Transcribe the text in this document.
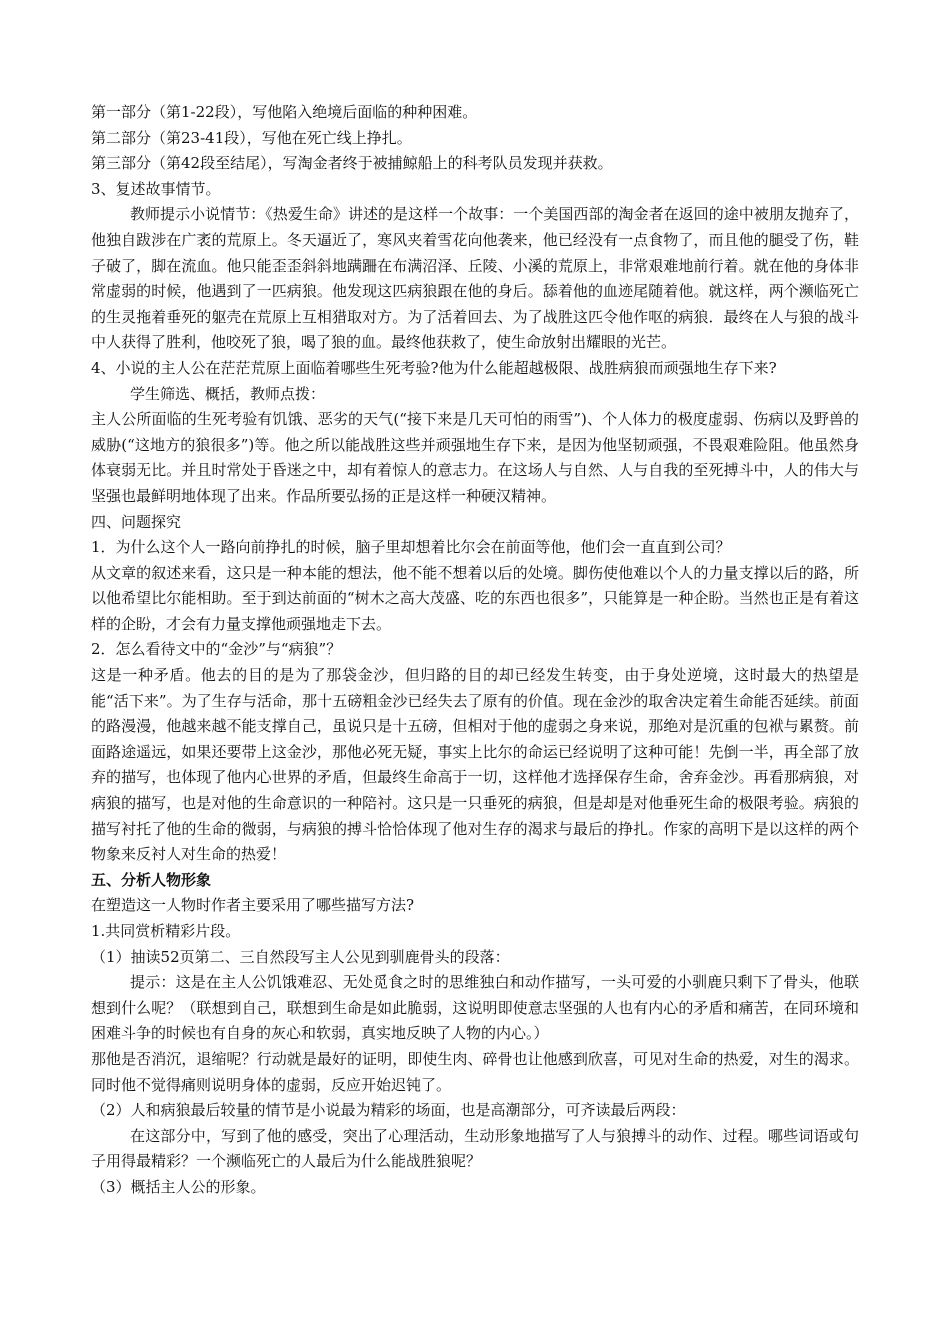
第一部分（第1-22段），写他陷入绝境后面临的种种困难。

第二部分（第23-41段），写他在死亡线上挣扎。

第三部分（第42段至结尾），写淘金者终于被捕鲸船上的科考队员发现并获救。

3、复述故事情节。

教师提示小说情节：《热爱生命》讲述的是这样一个故事：一个美国西部的淘金者在返回的途中被朋友抛弃了，他独自跋涉在广袤的荒原上。冬天逼近了，寒风夹着雪花向他袭来，他已经没有一点食物了，而且他的腿受了伤，鞋子破了，脚在流血。他只能歪歪斜斜地蹒跚在布满沼泽、丘陵、小溪的荒原上，非常艰难地前行着。就在他的身体非常虚弱的时候，他遇到了一匹病狼。他发现这匹病狼跟在他的身后。舔着他的血迹尾随着他。就这样，两个濒临死亡的生灵拖着垂死的躯壳在荒原上互相猎取对方。为了活着回去、为了战胜这匹令他作呕的病狼．最终在人与狼的战斗中人获得了胜利，他咬死了狼，喝了狼的血。最终他获救了，使生命放射出耀眼的光芒。

4、小说的主人公在茫茫荒原上面临着哪些生死考验?他为什么能超越极限、战胜病狼而顽强地生存下来?

学生筛选、概括，教师点拨：

主人公所面临的生死考验有饥饿、恶劣的天气(“接下来是几天可怕的雨雪”)、个人体力的极度虚弱、伤病以及野兽的威胁(“这地方的狼很多”)等。他之所以能战胜这些并顽强地生存下来，是因为他坚韧顽强，不畏艰难险阻。他虽然身体衰弱无比。并且时常处于昏迷之中，却有着惊人的意志力。在这场人与自然、人与自我的至死搏斗中，人的伟大与坚强也最鲜明地体现了出来。作品所要弘扬的正是这样一种硬汉精神。

四、问题探究

1．为什么这个人一路向前挣扎的时候，脑子里却想着比尔会在前面等他，他们会一直直到公司？

从文章的叙述来看，这只是一种本能的想法，他不能不想着以后的处境。脚伤使他难以个人的力量支撑以后的路，所以他希望比尔能相助。至于到达前面的“树木之高大茂盛、吃的东西也很多”，只能算是一种企盼。当然也正是有着这样的企盼，才会有力量支撑他顽强地走下去。

2．怎么看待文中的“金沙”与“病狼”？

这是一种矛盾。他去的目的是为了那袋金沙，但归路的目的却已经发生转变，由于身处逆境，这时最大的热望是能“活下来”。为了生存与活命，那十五磅粗金沙已经失去了原有的价值。现在金沙的取舍决定着生命能否延续。前面的路漫漫，他越来越不能支撑自己，虽说只是十五磅，但相对于他的虚弱之身来说，那绝对是沉重的包袱与累赘。前面路途遥远，如果还要带上这金沙，那他必死无疑，事实上比尔的命运已经说明了这种可能！先倒一半，再全部了放弃的描写，也体现了他内心世界的矛盾，但最终生命高于一切，这样他才选择保存生命，舍弃金沙。再看那病狼，对病狼的描写，也是对他的生命意识的一种陪衬。这只是一只垂死的病狼，但是却是对他垂死生命的极限考验。病狼的描写衬托了他的生命的微弱，与病狼的搏斗恰恰体现了他对生存的渴求与最后的挣扎。作家的高明下是以这样的两个物象来反衬人对生命的热爱！

五、分析人物形象

在塑造这一人物时作者主要采用了哪些描写方法?

1.共同赏析精彩片段。

（1）抽读52页第二、三自然段写主人公见到驯鹿骨头的段落：

提示：这是在主人公饥饿难忍、无处觅食之时的思维独白和动作描写，一头可爱的小驯鹿只剩下了骨头，他联想到什么呢？（联想到自己，联想到生命是如此脆弱，这说明即使意志坚强的人也有内心的矛盾和痛苦，在同环境和困难斗争的时候也有自身的灰心和软弱，真实地反映了人物的内心。）

那他是否消沉，退缩呢？行动就是最好的证明，即使生肉、碎骨也让他感到欣喜，可见对生命的热爱，对生的渴求。同时他不觉得痛则说明身体的虚弱，反应开始迟钝了。

（2）人和病狼最后较量的情节是小说最为精彩的场面，也是高潮部分，可齐读最后两段：

在这部分中，写到了他的感受，突出了心理活动，生动形象地描写了人与狼搏斗的动作、过程。哪些词语或句子用得最精彩？一个濒临死亡的人最后为什么能战胜狼呢？

（3）概括主人公的形象。
